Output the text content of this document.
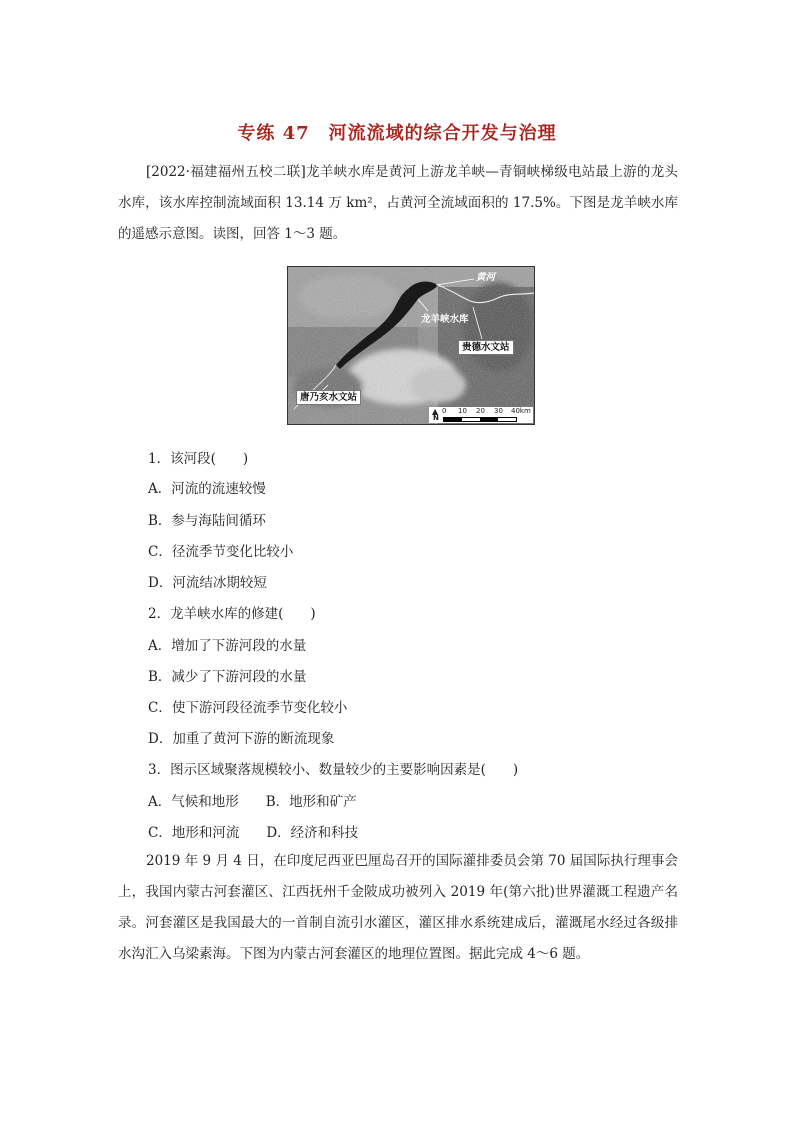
专练 47　河流流域的综合开发与治理
[2022·福建福州五校二联]龙羊峡水库是黄河上游龙羊峡—青铜峡梯级电站最上游的龙头水库，该水库控制流域面积 13.14 万 km²，占黄河全流域面积的 17.5%。下图是龙羊峡水库的遥感示意图。读图，回答 1～3 题。
黄河
龙羊峡水库
贵德水文站
唐乃亥水文站
▲
N
0 10 20 30 40km
1．该河段(　　)
A．河流的流速较慢
B．参与海陆间循环
C．径流季节变化比较小
D．河流结冰期较短
2．龙羊峡水库的修建(　　)
A．增加了下游河段的水量
B．减少了下游河段的水量
C．使下游河段径流季节变化较小
D．加重了黄河下游的断流现象
3．图示区域聚落规模较小、数量较少的主要影响因素是(　　)
A．气候和地形　　B．地形和矿产
C．地形和河流　　D．经济和科技
2019 年 9 月 4 日，在印度尼西亚巴厘岛召开的国际灌排委员会第 70 届国际执行理事会上，我国内蒙古河套灌区、江西抚州千金陂成功被列入 2019 年(第六批)世界灌溉工程遗产名录。河套灌区是我国最大的一首制自流引水灌区，灌区排水系统建成后，灌溉尾水经过各级排水沟汇入乌梁素海。下图为内蒙古河套灌区的地理位置图。据此完成 4～6 题。
